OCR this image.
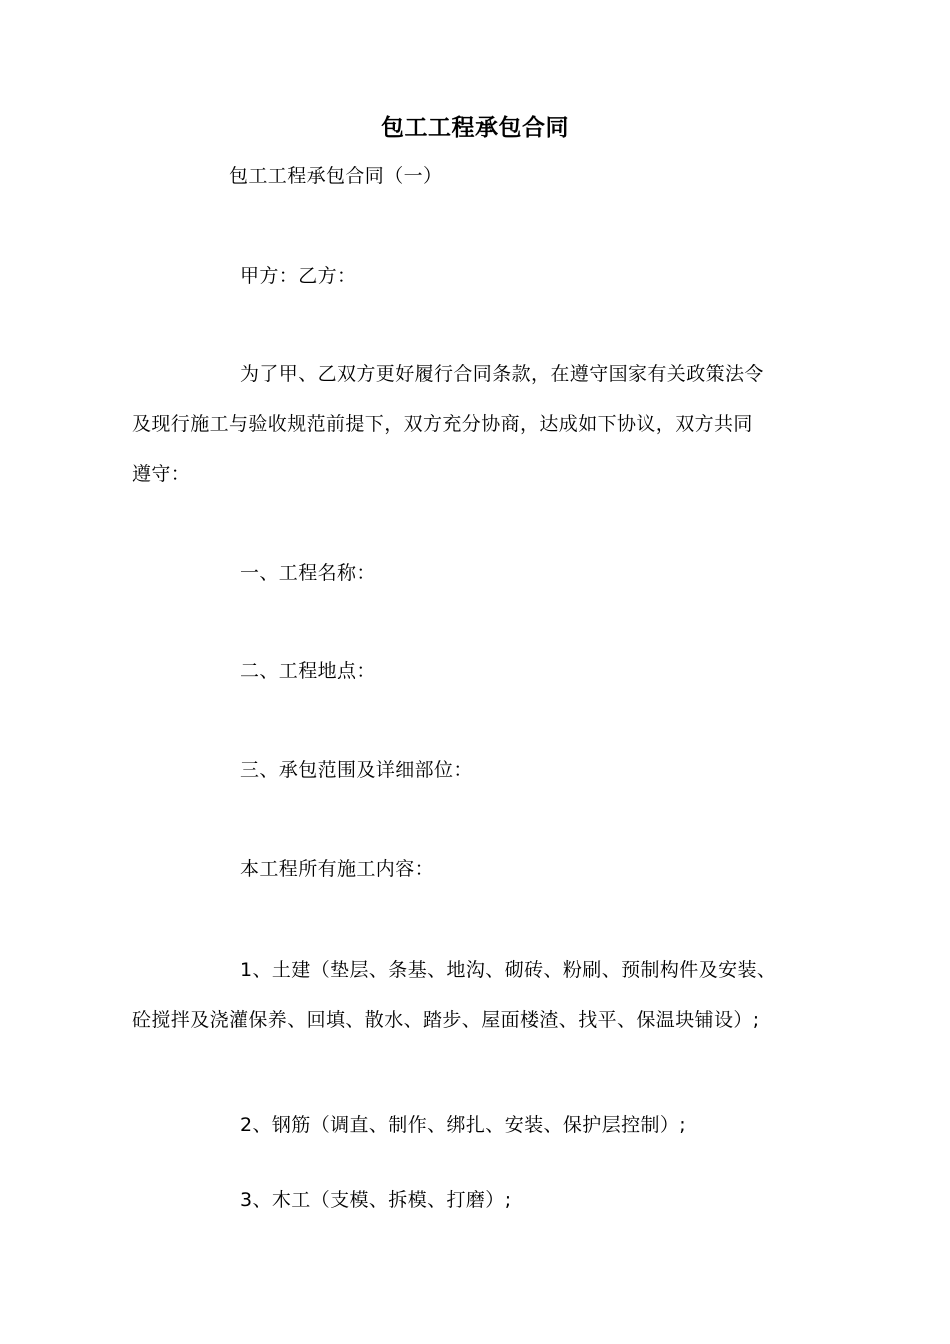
包工工程承包合同
包工工程承包合同（一）
甲方：乙方：
为了甲、乙双方更好履行合同条款，在遵守国家有关政策法令
及现行施工与验收规范前提下，双方充分协商，达成如下协议，双方共同
遵守：
一、工程名称：
二、工程地点：
三、承包范围及详细部位：
本工程所有施工内容：
1、土建（垫层、条基、地沟、砌砖、粉刷、预制构件及安装、
砼搅拌及浇灌保养、回填、散水、踏步、屋面楼渣、找平、保温块铺设）;
2、钢筋（调直、制作、绑扎、安装、保护层控制）;
3、木工（支模、拆模、打磨）;
